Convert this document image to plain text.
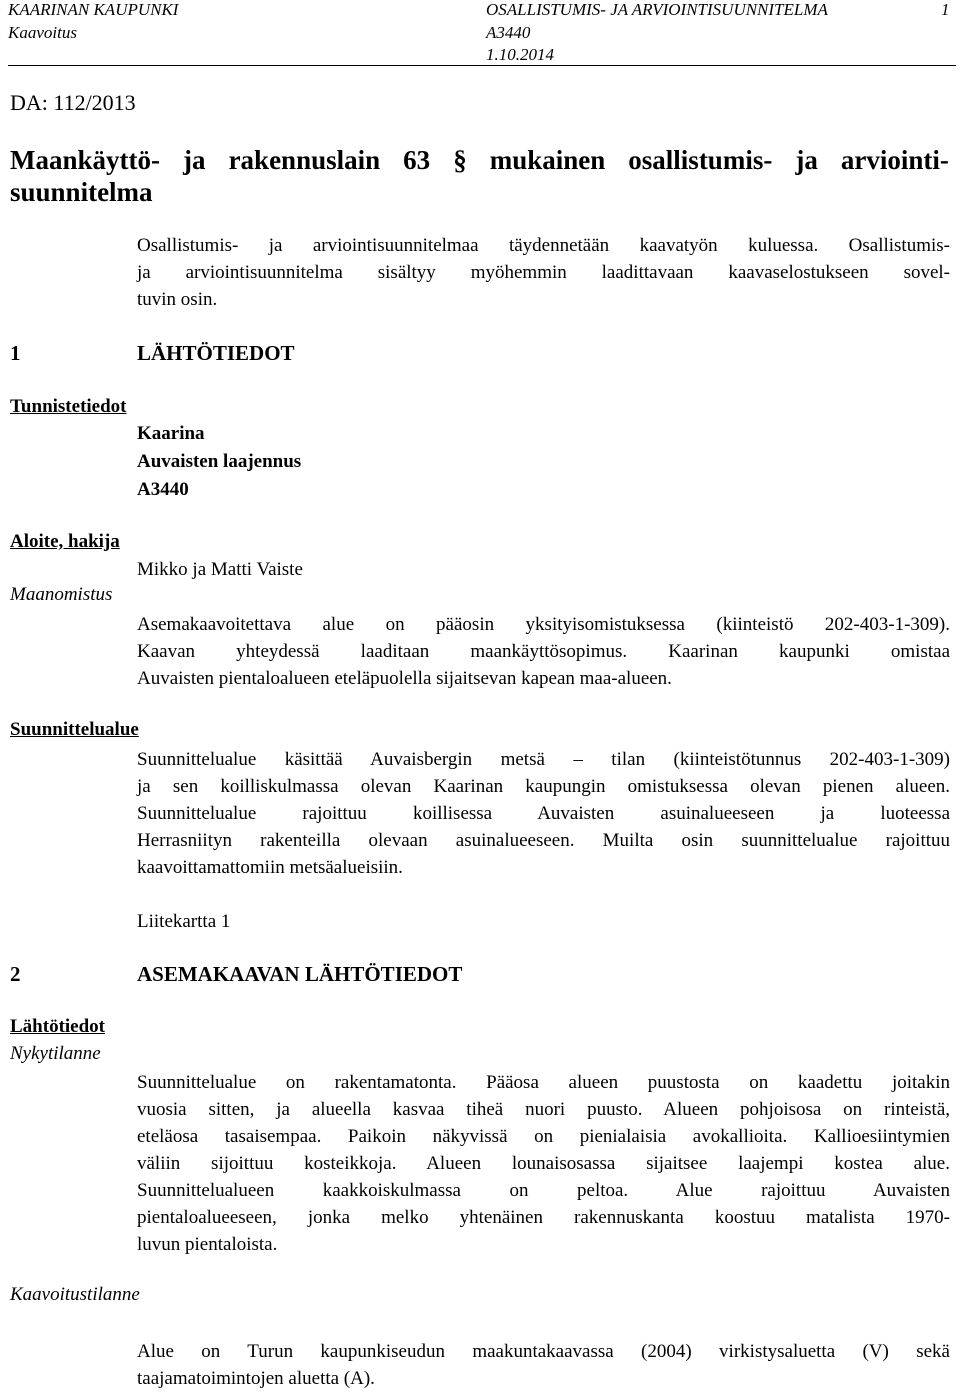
KAARINAN KAUPUNKI	OSALLISTUMIS- JA ARVIOINTISUUNNITELMA	1
Kaavoitus	A3440
1.10.2014
DA: 112/2013
Maankäyttö- ja rakennuslain 63 § mukainen osallistumis- ja arviointi-
suunnitelma
Osallistumis- ja arviointisuunnitelmaa täydennetään kaavatyön kuluessa. Osallistumis-
ja arviointisuunnitelma sisältyy myöhemmin laadittavaan kaavaselostukseen sovel-
tuvin osin.
1	LÄHTÖTIEDOT
Tunnistetiedot
Kaarina
Auvaisten laajennus
A3440
Aloite, hakija
Mikko ja Matti Vaiste
Maanomistus
Asemakaavoitettava alue on pääosin yksityisomistuksessa (kiinteistö 202-403-1-309).
Kaavan yhteydessä laaditaan maankäyttösopimus. Kaarinan kaupunki omistaa
Auvaisten pientaloalueen eteläpuolella sijaitsevan kapean maa-alueen.
Suunnittelualue
Suunnittelualue käsittää Auvaisbergin metsä – tilan (kiinteistötunnus 202-403-1-309)
ja sen koilliskulmassa olevan Kaarinan kaupungin omistuksessa olevan pienen alueen.
Suunnittelualue rajoittuu koillisessa Auvaisten asuinalueeseen ja luoteessa
Herrasniityn rakenteilla olevaan asuinalueeseen. Muilta osin suunnittelualue rajoittuu
kaavoittamattomiin metsäalueisiin.
Liitekartta 1
2	ASEMAKAAVAN LÄHTÖTIEDOT
Lähtötiedot
Nykytilanne
Suunnittelualue on rakentamatonta. Pääosa alueen puustosta on kaadettu joitakin
vuosia sitten, ja alueella kasvaa tiheä nuori puusto. Alueen pohjoisosa on rinteistä,
eteläosa tasaisempaa. Paikoin näkyvissä on pienialaisia avokallioita. Kallioesiintymien
väliin sijoittuu kosteikkoja. Alueen lounaisosassa sijaitsee laajempi kostea alue.
Suunnittelualueen kaakkoiskulmassa on peltoa. Alue rajoittuu Auvaisten
pientaloalueeseen, jonka melko yhtenäinen rakennuskanta koostuu matalista 1970-
luvun pientaloista.
Kaavoitustilanne
Alue on Turun kaupunkiseudun maakuntakaavassa (2004) virkistysaluetta (V) sekä
taajamatoimintojen aluetta (A).
